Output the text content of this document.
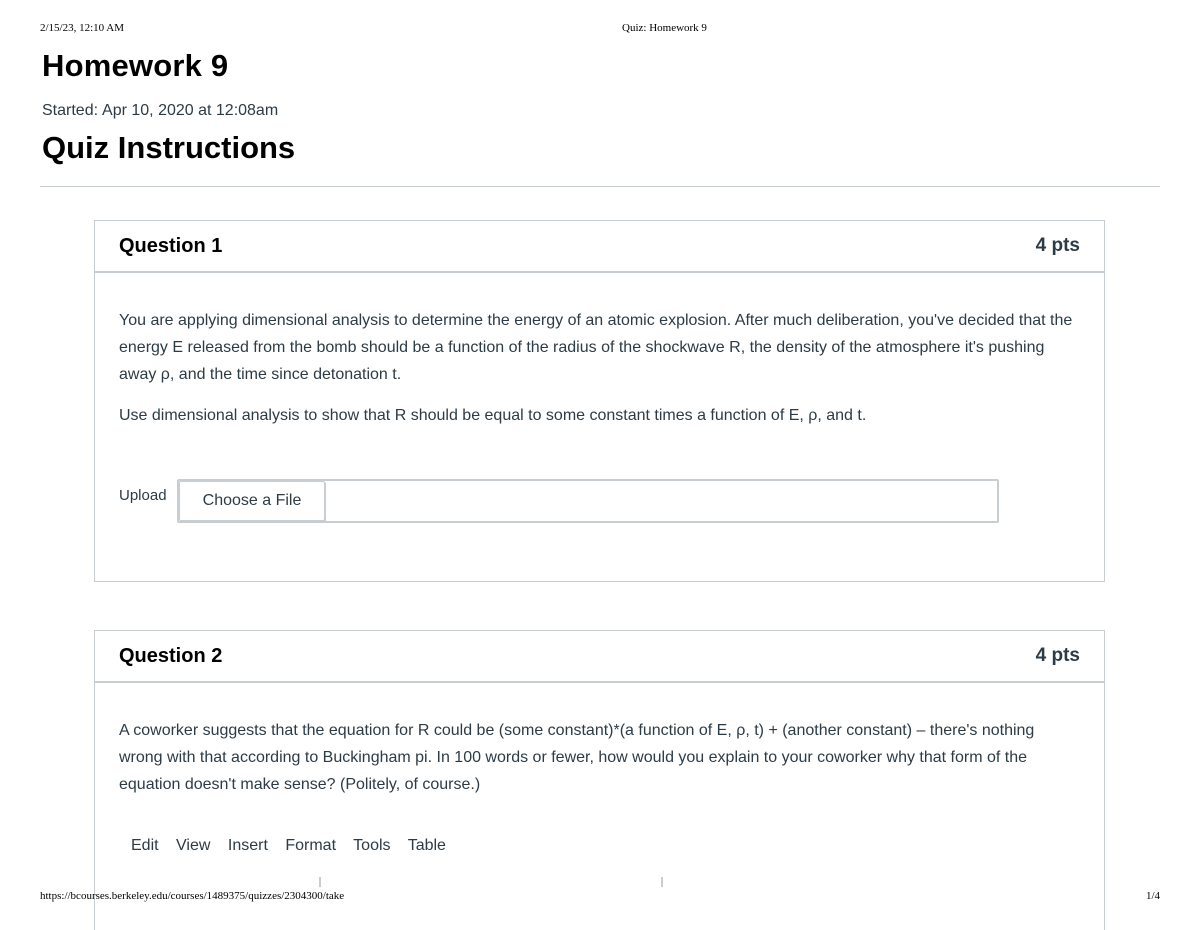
2/15/23, 12:10 AM	Quiz: Homework 9
Homework 9
Started: Apr 10, 2020 at 12:08am
Quiz Instructions
Question 1	4 pts

You are applying dimensional analysis to determine the energy of an atomic explosion. After much deliberation, you've decided that the energy E released from the bomb should be a function of the radius of the shockwave R, the density of the atmosphere it's pushing away ρ, and the time since detonation t.

Use dimensional analysis to show that R should be equal to some constant times a function of E, ρ, and t.

Upload	Choose a File
Question 2	4 pts

A coworker suggests that the equation for R could be (some constant)*(a function of E, ρ, t) + (another constant) – there's nothing wrong with that according to Buckingham pi. In 100 words or fewer, how would you explain to your coworker why that form of the equation doesn't make sense? (Politely, of course.)

Edit View Insert Format Tools Table
https://bcourses.berkeley.edu/courses/1489375/quizzes/2304300/take	1/4
